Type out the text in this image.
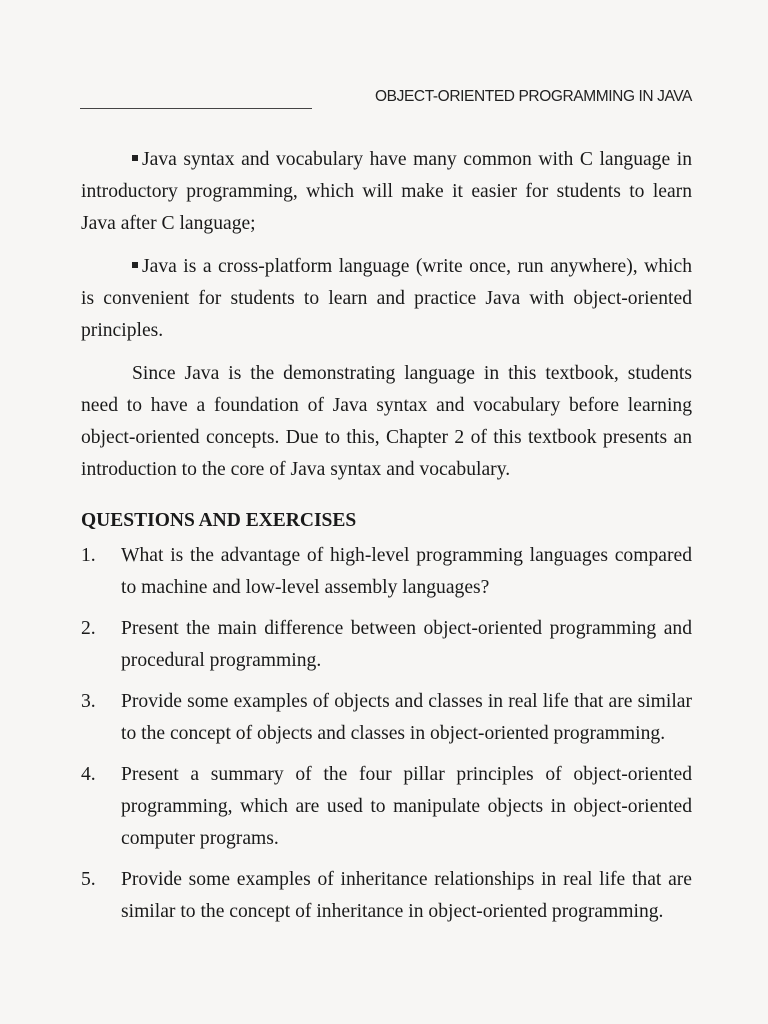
OBJECT-ORIENTED PROGRAMMING IN JAVA

Java syntax and vocabulary have many common with C language in introductory programming, which will make it easier for students to learn Java after C language;

Java is a cross-platform language (write once, run anywhere), which is convenient for students to learn and practice Java with object-oriented principles.

Since Java is the demonstrating language in this textbook, students need to have a foundation of Java syntax and vocabulary before learning object-oriented concepts. Due to this, Chapter 2 of this textbook presents an introduction to the core of Java syntax and vocabulary.

QUESTIONS AND EXERCISES
1.	What is the advantage of high-level programming languages compared to machine and low-level assembly languages?
2.	Present the main difference between object-oriented programming and procedural programming.
3.	Provide some examples of objects and classes in real life that are similar to the concept of objects and classes in object-oriented programming.
4.	Present a summary of the four pillar principles of object-oriented programming, which are used to manipulate objects in object-oriented computer programs.
5.	Provide some examples of inheritance relationships in real life that are similar to the concept of inheritance in object-oriented programming.
